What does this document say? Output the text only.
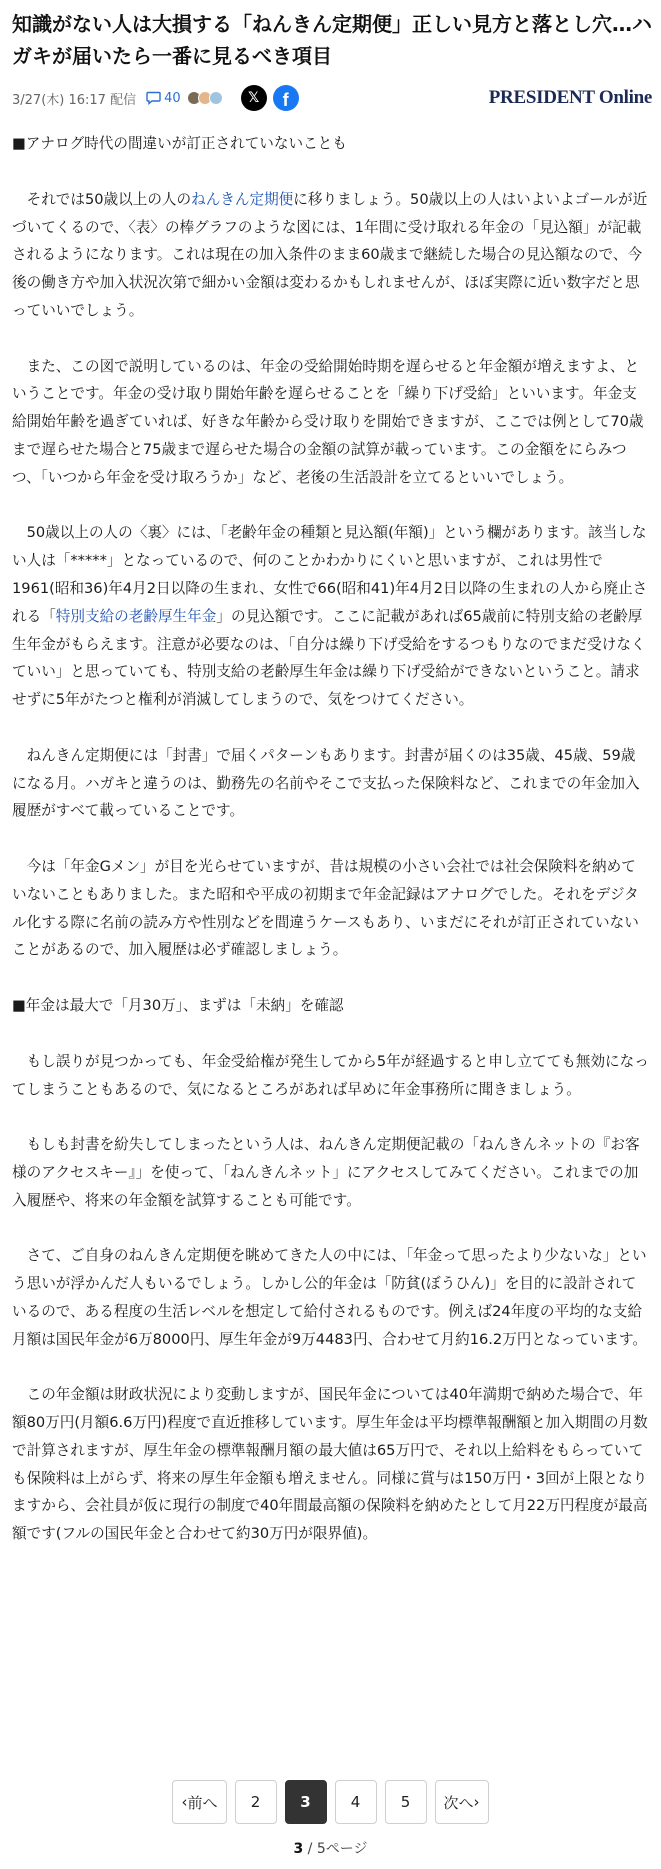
知識がない人は大損する「ねんきん定期便」正しい見方と落とし穴…ハガキが届いたら一番に見るべき項目
3/27(木) 16:17 配信 40	𝕏	f	PRESIDENT Online

■アナログ時代の間違いが訂正されていないことも

それでは50歳以上の人のねんきん定期便に移りましょう。50歳以上の人はいよいよゴールが近づいてくるので、〈表〉の棒グラフのような図には、1年間に受け取れる年金の「見込額」が記載されるようになります。これは現在の加入条件のまま60歳まで継続した場合の見込額なので、今後の働き方や加入状況次第で細かい金額は変わるかもしれませんが、ほぼ実際に近い数字だと思っていいでしょう。

また、この図で説明しているのは、年金の受給開始時期を遅らせると年金額が増えますよ、ということです。年金の受け取り開始年齢を遅らせることを「繰り下げ受給」といいます。年金支給開始年齢を過ぎていれば、好きな年齢から受け取りを開始できますが、ここでは例として70歳まで遅らせた場合と75歳まで遅らせた場合の金額の試算が載っています。この金額をにらみつつ、「いつから年金を受け取ろうか」など、老後の生活設計を立てるといいでしょう。

50歳以上の人の〈裏〉には、「老齢年金の種類と見込額(年額)」という欄があります。該当しない人は「*****」となっているので、何のことかわかりにくいと思いますが、これは男性で1961(昭和36)年4月2日以降の生まれ、女性で66(昭和41)年4月2日以降の生まれの人から廃止される「特別支給の老齢厚生年金」の見込額です。ここに記載があれば65歳前に特別支給の老齢厚生年金がもらえます。注意が必要なのは、「自分は繰り下げ受給をするつもりなのでまだ受けなくていい」と思っていても、特別支給の老齢厚生年金は繰り下げ受給ができないということ。請求せずに5年がたつと権利が消滅してしまうので、気をつけてください。

ねんきん定期便には「封書」で届くパターンもあります。封書が届くのは35歳、45歳、59歳になる月。ハガキと違うのは、勤務先の名前やそこで支払った保険料など、これまでの年金加入履歴がすべて載っていることです。

今は「年金Gメン」が目を光らせていますが、昔は規模の小さい会社では社会保険料を納めていないこともありました。また昭和や平成の初期まで年金記録はアナログでした。それをデジタル化する際に名前の読み方や性別などを間違うケースもあり、いまだにそれが訂正されていないことがあるので、加入履歴は必ず確認しましょう。

■年金は最大で「月30万」、まずは「未納」を確認

もし誤りが見つかっても、年金受給権が発生してから5年が経過すると申し立てても無効になってしまうこともあるので、気になるところがあれば早めに年金事務所に聞きましょう。

もしも封書を紛失してしまったという人は、ねんきん定期便記載の「ねんきんネットの『お客様のアクセスキー』」を使って、「ねんきんネット」にアクセスしてみてください。これまでの加入履歴や、将来の年金額を試算することも可能です。

さて、ご自身のねんきん定期便を眺めてきた人の中には、「年金って思ったより少ないな」という思いが浮かんだ人もいるでしょう。しかし公的年金は「防貧(ぼうひん)」を目的に設計されているので、ある程度の生活レベルを想定して給付されるものです。例えば24年度の平均的な支給月額は国民年金が6万8000円、厚生年金が9万4483円、合わせて月約16.2万円となっています。

この年金額は財政状況により変動しますが、国民年金については40年満期で納めた場合で、年額80万円(月額6.6万円)程度で直近推移しています。厚生年金は平均標準報酬額と加入期間の月数で計算されますが、厚生年金の標準報酬月額の最大値は65万円で、それ以上給料をもらっていても保険料は上がらず、将来の厚生年金額も増えません。同様に賞与は150万円・3回が上限となりますから、会社員が仮に現行の制度で40年間最高額の保険料を納めたとして月22万円程度が最高額です(フルの国民年金と合わせて約30万円が限界値)。

‹ 前へ	2	3	4	5	次へ ›
3 / 5ページ
